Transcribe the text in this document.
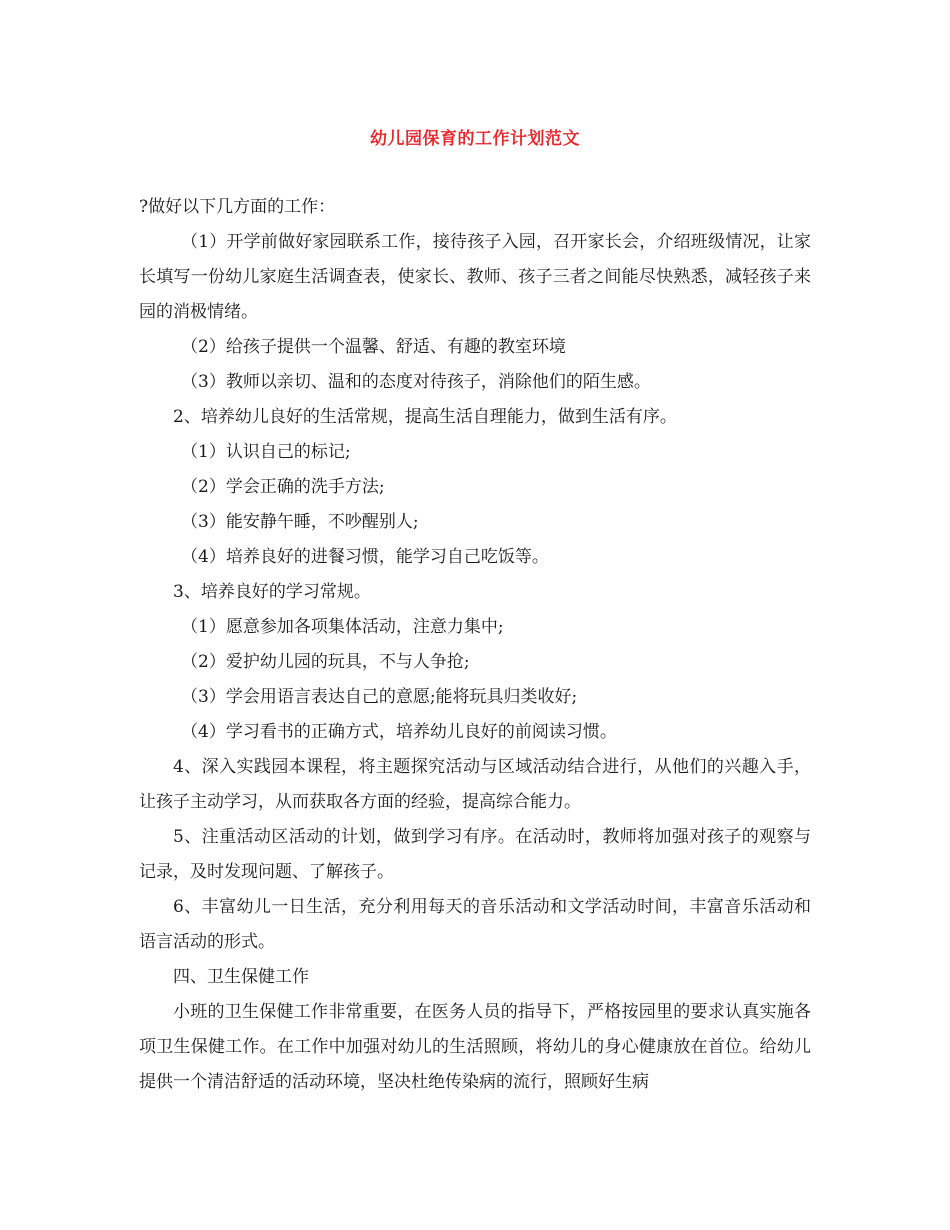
幼儿园保育的工作计划范文

?做好以下几方面的工作：

（1）开学前做好家园联系工作，接待孩子入园，召开家长会，介绍班级情况，让家长填写一份幼儿家庭生活调查表，使家长、教师、孩子三者之间能尽快熟悉，减轻孩子来园的消极情绪。

（2）给孩子提供一个温馨、舒适、有趣的教室环境

（3）教师以亲切、温和的态度对待孩子，消除他们的陌生感。

2、培养幼儿良好的生活常规，提高生活自理能力，做到生活有序。

（1）认识自己的标记;

（2）学会正确的洗手方法;

（3）能安静午睡，不吵醒别人;

（4）培养良好的进餐习惯，能学习自己吃饭等。

3、培养良好的学习常规。

（1）愿意参加各项集体活动，注意力集中;

（2）爱护幼儿园的玩具，不与人争抢;

（3）学会用语言表达自己的意愿;能将玩具归类收好;

（4）学习看书的正确方式，培养幼儿良好的前阅读习惯。

4、深入实践园本课程，将主题探究活动与区域活动结合进行，从他们的兴趣入手，让孩子主动学习，从而获取各方面的经验，提高综合能力。

5、注重活动区活动的计划，做到学习有序。在活动时，教师将加强对孩子的观察与记录，及时发现问题、了解孩子。

6、丰富幼儿一日生活，充分利用每天的音乐活动和文学活动时间，丰富音乐活动和语言活动的形式。

四、卫生保健工作

小班的卫生保健工作非常重要，在医务人员的指导下，严格按园里的要求认真实施各项卫生保健工作。在工作中加强对幼儿的生活照顾，将幼儿的身心健康放在首位。给幼儿提供一个清洁舒适的活动环境，坚决杜绝传染病的流行，照顾好生病
